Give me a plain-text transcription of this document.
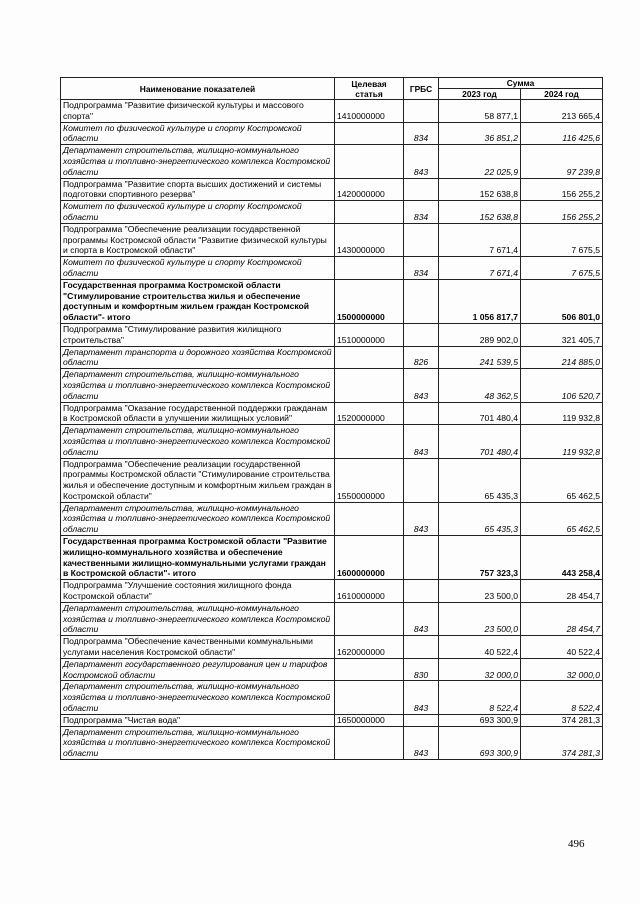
Наименование показателей	Целевая статья	ГРБС	Сумма	
			2023 год	2024 год
Подпрограмма "Развитие физической культуры и массового спорта"	1410000000		58 877,1	213 665,4
Комитет по физической культуре и спорту Костромской области		834	36 851,2	116 425,6
Департамент строительства, жилищно-коммунального хозяйства и топливно-энергетического комплекса Костромской области		843	22 025,9	97 239,8
Подпрограмма "Развитие спорта высших достижений и системы подготовки спортивного резерва"	1420000000		152 638,8	156 255,2
Комитет по физической культуре и спорту Костромской области		834	152 638,8	156 255,2
Подпрограмма "Обеспечение реализации государственной программы Костромской области "Развитие физической культуры и спорта в Костромской области"	1430000000		7 671,4	7 675,5
Комитет по физической культуре и спорту Костромской области		834	7 671,4	7 675,5
Государственная программа Костромской области "Стимулирование строительства жилья и обеспечение доступным и комфортным жильем граждан Костромской области"- итого	1500000000		1 056 817,7	506 801,0
Подпрограмма "Стимулирование развития жилищного строительства"	1510000000		289 902,0	321 405,7
Департамент транспорта и дорожного хозяйства Костромской области		826	241 539,5	214 885,0
Департамент строительства, жилищно-коммунального хозяйства и топливно-энергетического комплекса Костромской области		843	48 362,5	106 520,7
Подпрограмма "Оказание государственной поддержки гражданам в Костромской области в улучшении жилищных условий"	1520000000		701 480,4	119 932,8
Департамент строительства, жилищно-коммунального хозяйства и топливно-энергетического комплекса Костромской области		843	701 480,4	119 932,8
Подпрограмма "Обеспечение реализации государственной программы Костромской области "Стимулирование строительства жилья и обеспечение доступным и комфортным жильем граждан в Костромской области"	1550000000		65 435,3	65 462,5
Департамент строительства, жилищно-коммунального хозяйства и топливно-энергетического комплекса Костромской области		843	65 435,3	65 462,5
Государственная программа Костромской области "Развитие жилищно-коммунального хозяйства и обеспечение качественными жилищно-коммунальными услугами граждан в Костромской области"- итого	1600000000		757 323,3	443 258,4
Подпрограмма "Улучшение состояния жилищного фонда Костромской области"	1610000000		23 500,0	28 454,7
Департамент строительства, жилищно-коммунального хозяйства и топливно-энергетического комплекса Костромской области		843	23 500,0	28 454,7
Подпрограмма "Обеспечение качественными коммунальными услугами населения Костромской области"	1620000000		40 522,4	40 522,4
Департамент государственного регулирования цен и тарифов Костромской области		830	32 000,0	32 000,0
Департамент строительства, жилищно-коммунального хозяйства и топливно-энергетического комплекса Костромской области		843	8 522,4	8 522,4
Подпрограмма "Чистая вода"	1650000000		693 300,9	374 281,3
Департамент строительства, жилищно-коммунального хозяйства и топливно-энергетического комплекса Костромской области		843	693 300,9	374 281,3
496
